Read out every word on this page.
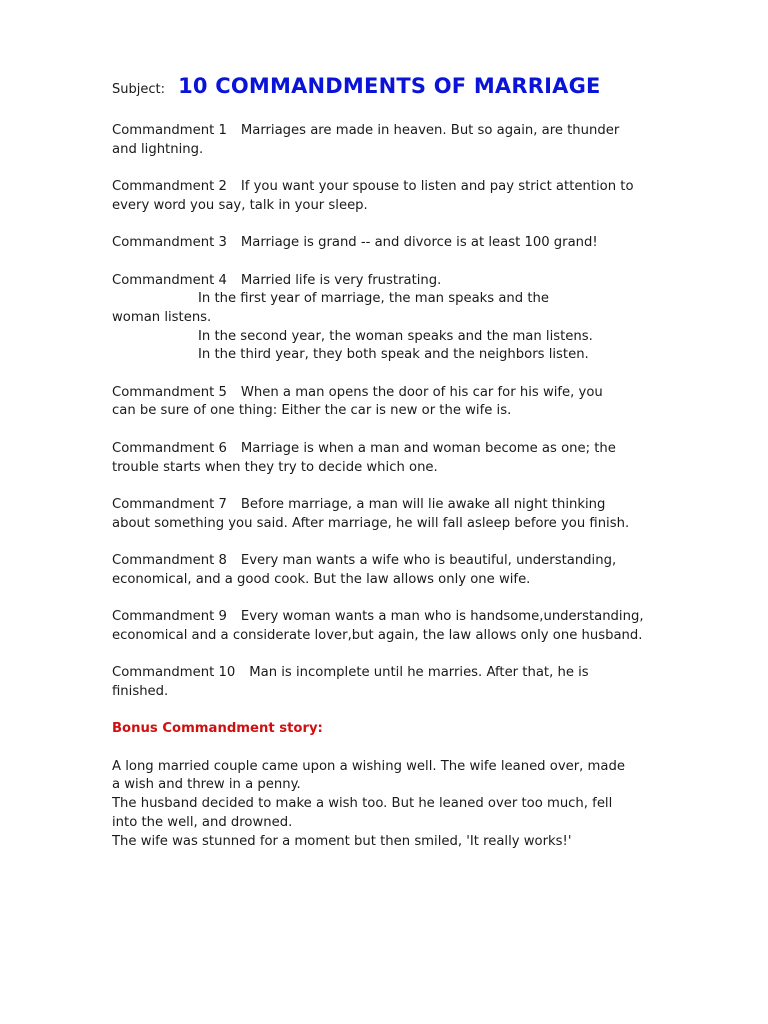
Subject: 10 COMMANDMENTS OF MARRIAGE
Commandment 1 Marriages are made in heaven. But so again, are thunder
and lightning.
Commandment 2 If you want your spouse to listen and pay strict attention to
every word you say, talk in your sleep.
Commandment 3 Marriage is grand -- and divorce is at least 100 grand!
Commandment 4 Married life is very frustrating.
In the first year of marriage, the man speaks and the
woman listens.
In the second year, the woman speaks and the man listens.
In the third year, they both speak and the neighbors listen.
Commandment 5 When a man opens the door of his car for his wife, you
can be sure of one thing: Either the car is new or the wife is.
Commandment 6 Marriage is when a man and woman become as one; the
trouble starts when they try to decide which one.
Commandment 7 Before marriage, a man will lie awake all night thinking
about something you said. After marriage, he will fall asleep before you finish.
Commandment 8 Every man wants a wife who is beautiful, understanding,
economical, and a good cook. But the law allows only one wife.
Commandment 9 Every woman wants a man who is handsome,understanding,
economical and a considerate lover,but again, the law allows only one husband.
Commandment 10 Man is incomplete until he marries. After that, he is
finished.
Bonus Commandment story:
A long married couple came upon a wishing well. The wife leaned over, made
a wish and threw in a penny.
The husband decided to make a wish too. But he leaned over too much, fell
into the well, and drowned.
The wife was stunned for a moment but then smiled, 'It really works!'
